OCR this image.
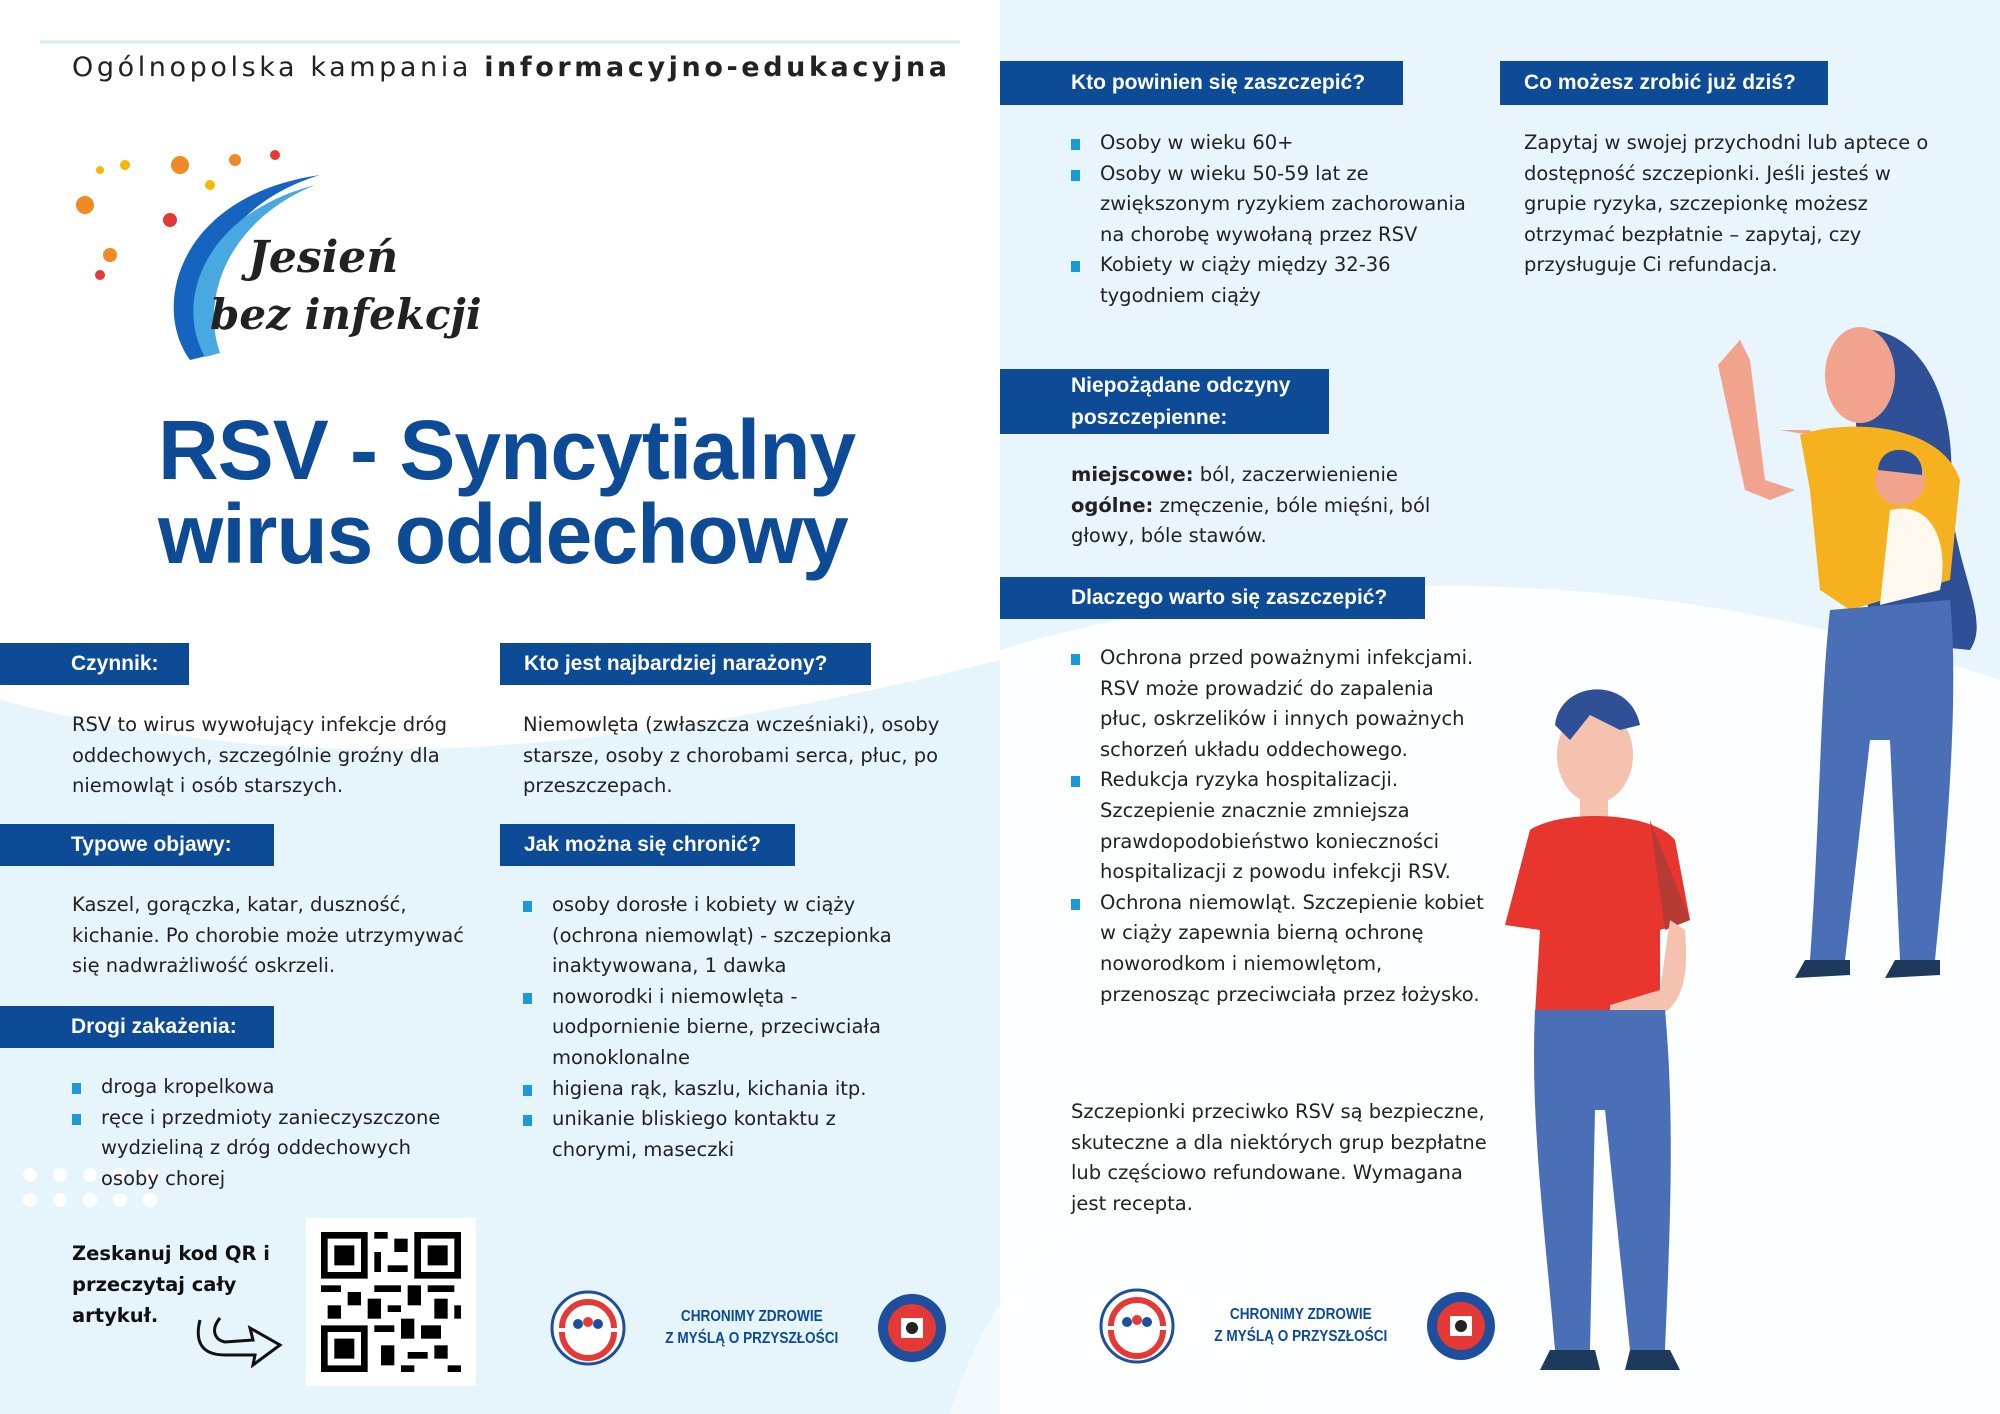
Ogólnopolska kampania informacyjno-edukacyjna
Jesień
bez infekcji
RSV - Syncytialny
wirus oddechowy
Czynnik:
RSV to wirus wywołujący infekcje dróg oddechowych, szczególnie groźny dla niemowląt i osób starszych.
Typowe objawy:
Kaszel, gorączka, katar, duszność, kichanie. Po chorobie może utrzymywać się nadwrażliwość oskrzeli.
Drogi zakażenia:
droga kropelkowa
ręce i przedmioty zanieczyszczone wydzieliną z dróg oddechowych osoby chorej
Kto jest najbardziej narażony?
Niemowlęta (zwłaszcza wcześniaki), osoby starsze, osoby z chorobami serca, płuc, po przeszczepach.
Jak można się chronić?
osoby dorosłe i kobiety w ciąży (ochrona niemowląt) - szczepionka inaktywowana, 1 dawka
noworodki i niemowlęta - uodpornienie bierne, przeciwciała monoklonalne
higiena rąk, kaszlu, kichania itp.
unikanie bliskiego kontaktu z chorymi, maseczki
Zeskanuj kod QR i przeczytaj cały artykuł.	CHRONIMY ZDROWIE
Z MYŚLĄ O PRZYSZŁOŚCI
Kto powinien się zaszczepić?
Osoby w wieku 60+
Osoby w wieku 50-59 lat ze zwiększonym ryzykiem zachorowania na chorobę wywołaną przez RSV
Kobiety w ciąży między 32-36 tygodniem ciąży
Co możesz zrobić już dziś?
Zapytaj w swojej przychodni lub aptece o dostępność szczepionki. Jeśli jesteś w grupie ryzyka, szczepionkę możesz otrzymać bezpłatnie – zapytaj, czy przysługuje Ci refundacja.
Niepożądane odczyny poszczepienne:
miejscowe: ból, zaczerwienienie
ogólne: zmęczenie, bóle mięśni, ból głowy, bóle stawów.
Dlaczego warto się zaszczepić?
Ochrona przed poważnymi infekcjami. RSV może prowadzić do zapalenia płuc, oskrzelików i innych poważnych schorzeń układu oddechowego.
Redukcja ryzyka hospitalizacji. Szczepienie znacznie zmniejsza prawdopodobieństwo konieczności hospitalizacji z powodu infekcji RSV.
Ochrona niemowląt. Szczepienie kobiet w ciąży zapewnia bierną ochronę noworodkom i niemowlętom, przenosząc przeciwciała przez łożysko.
Szczepionki przeciwko RSV są bezpieczne, skuteczne a dla niektórych grup bezpłatne lub częściowo refundowane. Wymagana jest recepta.
CHRONIMY ZDROWIE
Z MYŚLĄ O PRZYSZŁOŚCI
